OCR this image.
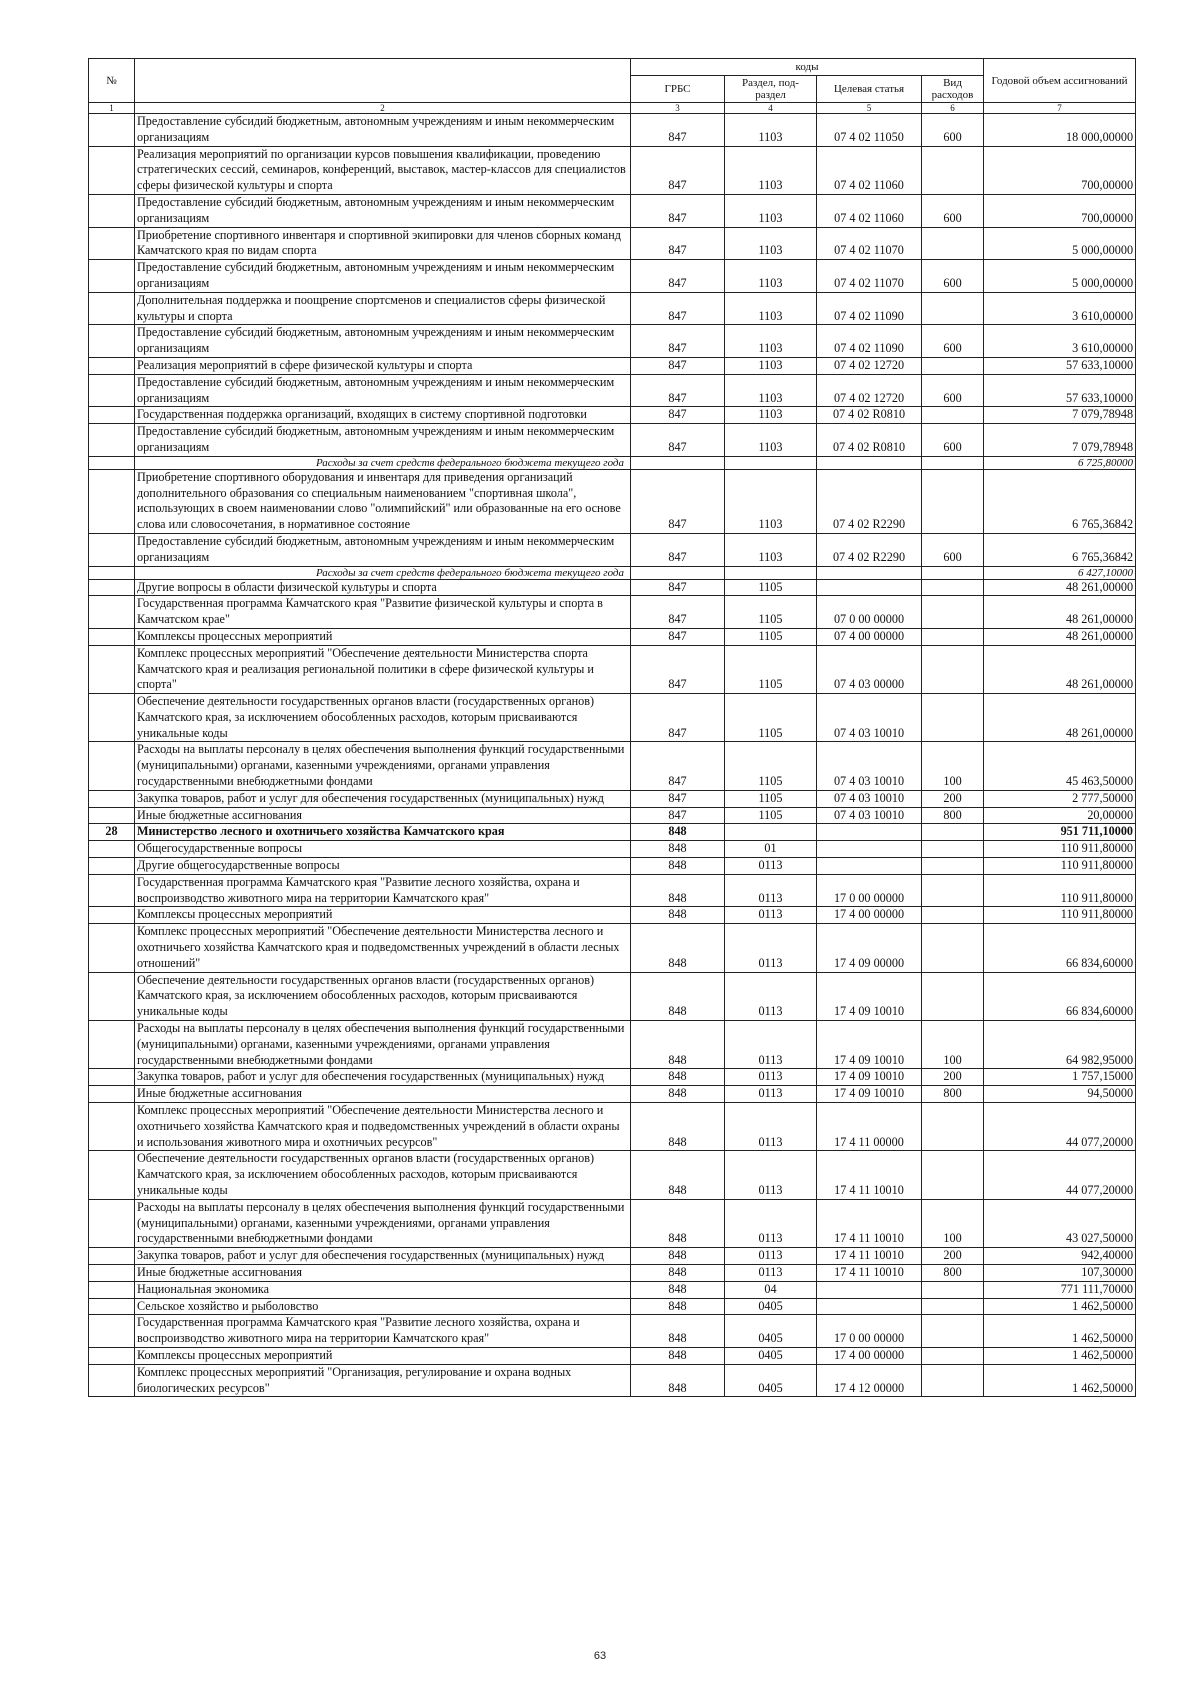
№		коды				Годовой объем ассигнований
		ГРБС	Раздел, под-раздел	Целевая статья	Вид расходов	
1	2	3	4	5	6	7
	Предоставление субсидий бюджетным, автономным учреждениям и иным некоммерческим организациям	847	1103	07 4 02 11050	600	18 000,00000
	Реализация мероприятий по организации курсов повышения квалификации, проведению стратегических сессий, семинаров, конференций, выставок, мастер-классов для специалистов сферы физической культуры и спорта	847	1103	07 4 02 11060		700,00000
	Предоставление субсидий бюджетным, автономным учреждениям и иным некоммерческим организациям	847	1103	07 4 02 11060	600	700,00000
	Приобретение спортивного инвентаря и спортивной экипировки для членов сборных команд Камчатского края по видам спорта	847	1103	07 4 02 11070		5 000,00000
	Предоставление субсидий бюджетным, автономным учреждениям и иным некоммерческим организациям	847	1103	07 4 02 11070	600	5 000,00000
	Дополнительная поддержка и поощрение спортсменов и специалистов сферы физической культуры и спорта	847	1103	07 4 02 11090		3 610,00000
	Предоставление субсидий бюджетным, автономным учреждениям и иным некоммерческим организациям	847	1103	07 4 02 11090	600	3 610,00000
	Реализация мероприятий в сфере физической культуры и спорта	847	1103	07 4 02 12720		57 633,10000
	Предоставление субсидий бюджетным, автономным учреждениям и иным некоммерческим организациям	847	1103	07 4 02 12720	600	57 633,10000
	Государственная поддержка организаций, входящих в систему спортивной подготовки	847	1103	07 4 02 R0810		7 079,78948
	Предоставление субсидий бюджетным, автономным учреждениям и иным некоммерческим организациям	847	1103	07 4 02 R0810	600	7 079,78948
	Расходы за счет средств федерального бюджета текущего года					6 725,80000
	Приобретение спортивного оборудования и инвентаря для приведения организаций дополнительного образования со специальным наименованием "спортивная школа", использующих в своем наименовании слово "олимпийский" или образованные на его основе слова или словосочетания, в нормативное состояние	847	1103	07 4 02 R2290		6 765,36842
	Предоставление субсидий бюджетным, автономным учреждениям и иным некоммерческим организациям	847	1103	07 4 02 R2290	600	6 765,36842
	Расходы за счет средств федерального бюджета текущего года					6 427,10000
	Другие вопросы в области физической культуры и спорта	847	1105			48 261,00000
	Государственная программа Камчатского края "Развитие физической культуры и спорта в Камчатском крае"	847	1105	07 0 00 00000		48 261,00000
	Комплексы процессных мероприятий	847	1105	07 4 00 00000		48 261,00000
	Комплекс процессных мероприятий "Обеспечение деятельности Министерства спорта Камчатского края и реализация региональной политики в сфере физической культуры и спорта"	847	1105	07 4 03 00000		48 261,00000
	Обеспечение деятельности государственных органов власти (государственных органов) Камчатского края, за исключением обособленных расходов, которым присваиваются уникальные коды	847	1105	07 4 03 10010		48 261,00000
	Расходы на выплаты персоналу в целях обеспечения выполнения функций государственными (муниципальными) органами, казенными учреждениями, органами управления государственными внебюджетными фондами	847	1105	07 4 03 10010	100	45 463,50000
	Закупка товаров, работ и услуг для обеспечения государственных (муниципальных) нужд	847	1105	07 4 03 10010	200	2 777,50000
	Иные бюджетные ассигнования	847	1105	07 4 03 10010	800	20,00000
28	Министерство лесного и охотничьего хозяйства Камчатского края	848				951 711,10000
	Общегосударственные вопросы	848	01			110 911,80000
	Другие общегосударственные вопросы	848	0113			110 911,80000
	Государственная программа Камчатского края "Развитие лесного хозяйства, охрана и воспроизводство животного мира на территории Камчатского края"	848	0113	17 0 00 00000		110 911,80000
	Комплексы процессных мероприятий	848	0113	17 4 00 00000		110 911,80000
	Комплекс процессных мероприятий "Обеспечение деятельности Министерства лесного и охотничьего хозяйства Камчатского края и подведомственных учреждений в области лесных отношений"	848	0113	17 4 09 00000		66 834,60000
	Обеспечение деятельности государственных органов власти (государственных органов) Камчатского края, за исключением обособленных расходов, которым присваиваются уникальные коды	848	0113	17 4 09 10010		66 834,60000
	Расходы на выплаты персоналу в целях обеспечения выполнения функций государственными (муниципальными) органами, казенными учреждениями, органами управления государственными внебюджетными фондами	848	0113	17 4 09 10010	100	64 982,95000
	Закупка товаров, работ и услуг для обеспечения государственных (муниципальных) нужд	848	0113	17 4 09 10010	200	1 757,15000
	Иные бюджетные ассигнования	848	0113	17 4 09 10010	800	94,50000
	Комплекс процессных мероприятий "Обеспечение деятельности Министерства лесного и охотничьего хозяйства Камчатского края и подведомственных учреждений в области охраны и использования животного мира и охотничьих ресурсов"	848	0113	17 4 11 00000		44 077,20000
	Обеспечение деятельности государственных органов власти (государственных органов) Камчатского края, за исключением обособленных расходов, которым присваиваются уникальные коды	848	0113	17 4 11 10010		44 077,20000
	Расходы на выплаты персоналу в целях обеспечения выполнения функций государственными (муниципальными) органами, казенными учреждениями, органами управления государственными внебюджетными фондами	848	0113	17 4 11 10010	100	43 027,50000
	Закупка товаров, работ и услуг для обеспечения государственных (муниципальных) нужд	848	0113	17 4 11 10010	200	942,40000
	Иные бюджетные ассигнования	848	0113	17 4 11 10010	800	107,30000
	Национальная экономика	848	04			771 111,70000
	Сельское хозяйство и рыболовство	848	0405			1 462,50000
	Государственная программа Камчатского края "Развитие лесного хозяйства, охрана и воспроизводство животного мира на территории Камчатского края"	848	0405	17 0 00 00000		1 462,50000
	Комплексы процессных мероприятий	848	0405	17 4 00 00000		1 462,50000
	Комплекс процессных мероприятий "Организация, регулирование и охрана водных биологических ресурсов"	848	0405	17 4 12 00000		1 462,50000
63
